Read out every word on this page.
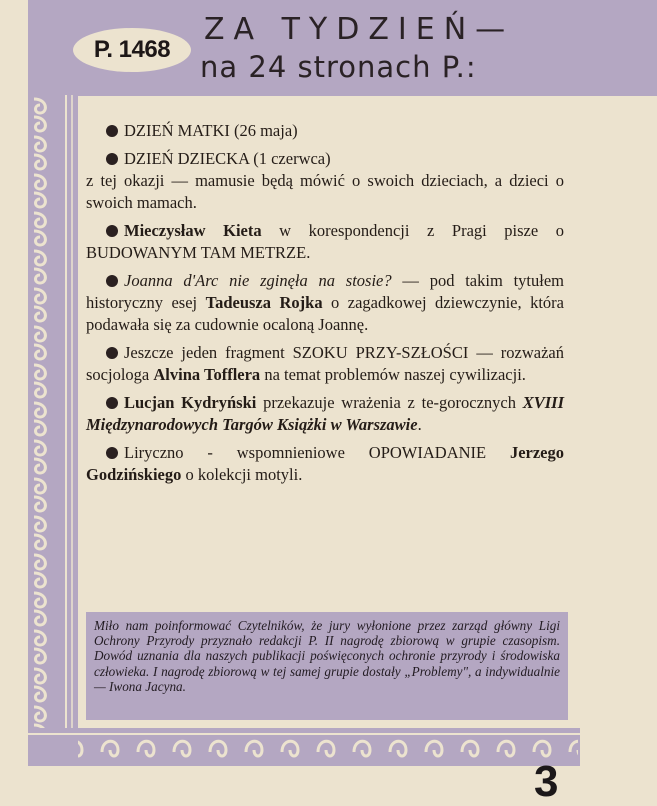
P. 1468
ZA TYDZIEŃ—
na 24 stronach P.:
DZIEŃ MATKI (26 maja)
DZIEŃ DZIECKA (1 czerwca)
z tej okazji — mamusie będą mówić o swoich dzieciach, a dzieci o swoich mamach.
Mieczysław Kieta w korespondencji z Pragi pisze o BUDOWANYM TAM METRZE.
Joanna d'Arc nie zginęła na stosie? — pod takim tytułem historyczny esej Tadeusza Rojka o zagadkowej dziewczynie, która podawała się za cudownie ocaloną Joannę.
Jeszcze jeden fragment SZOKU PRZY-SZŁOŚCI — rozważań socjologa Alvina Tofflera na temat problemów naszej cywilizacji.
Lucjan Kydryński przekazuje wrażenia z te-gorocznych XVIII Międzynarodowych Targów Książki w Warszawie.
Liryczno - wspomnieniowe OPOWIADANIE Jerzego Godzińskiego o kolekcji motyli.
Miło nam poinformować Czytelników, że jury wyłonione przez zarząd główny Ligi Ochrony Przyrody przyznało redakcji P. II nagrodę zbiorową w grupie czasopism. Dowód uznania dla naszych publikacji poświęconych ochronie przyrody i środowiska człowieka. I nagrodę zbiorową w tej samej grupie dostały „Problemy", a indywidualnie — Iwona Jacyna.
3
